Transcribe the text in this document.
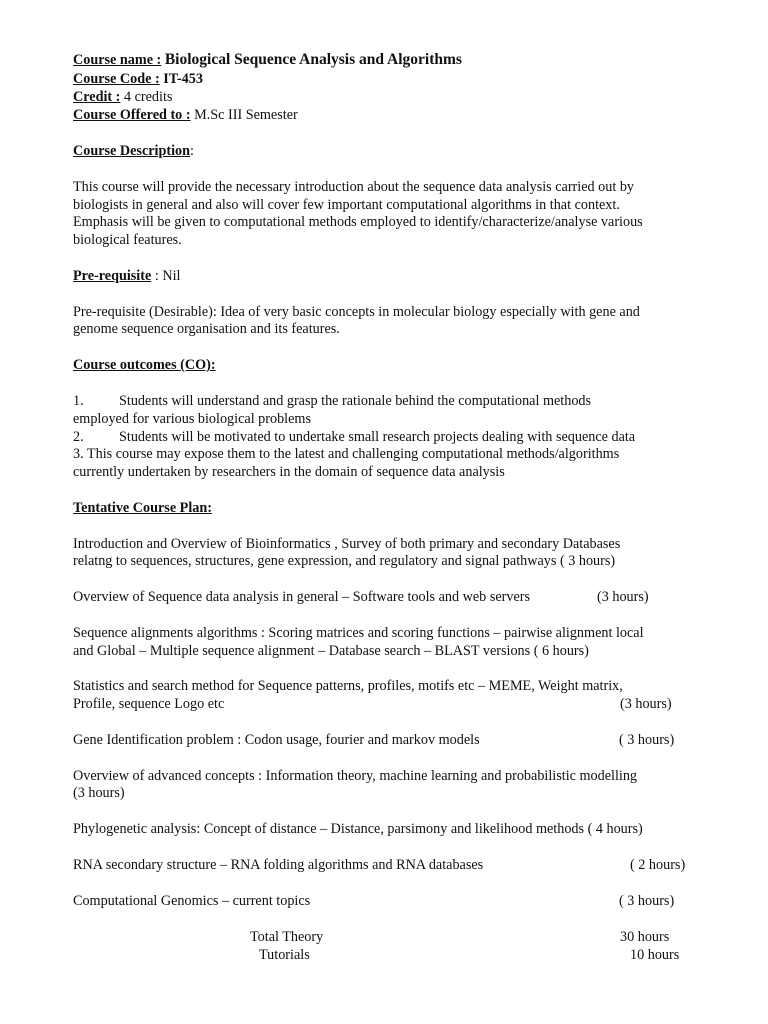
Course name : Biological Sequence Analysis and Algorithms
Course Code : IT-453
Credit : 4 credits
Course Offered to : M.Sc III Semester
Course Description:
This course will provide the necessary introduction about the sequence data analysis carried out by
biologists in general and also will cover few important computational algorithms in that context.
Emphasis will be given to computational methods employed to identify/characterize/analyse various
biological features.
Pre-requisite : Nil
Pre-requisite (Desirable): Idea of very basic concepts in molecular biology especially with gene and
genome sequence organisation and its features.
Course outcomes (CO):
1. Students will understand and grasp the rationale behind the computational methods
employed for various biological problems
2. Students will be motivated to undertake small research projects dealing with sequence data
3. This course may expose them to the latest and challenging computational methods/algorithms
currently undertaken by researchers in the domain of sequence data analysis
Tentative Course Plan:
Introduction and Overview of Bioinformatics , Survey of both primary and secondary Databases
relatng to sequences, structures, gene expression, and regulatory and signal pathways ( 3 hours)
Overview of Sequence data analysis in general – Software tools and web servers	(3 hours)
Sequence alignments algorithms : Scoring matrices and scoring functions – pairwise alignment local
and Global – Multiple sequence alignment – Database search – BLAST versions ( 6 hours)
Statistics and search method for Sequence patterns, profiles, motifs etc – MEME, Weight matrix,
Profile, sequence Logo etc	(3 hours)
Gene Identification problem : Codon usage, fourier and markov models	( 3 hours)
Overview of advanced concepts : Information theory, machine learning and probabilistic modelling
(3 hours)
Phylogenetic analysis: Concept of distance – Distance, parsimony and likelihood methods ( 4 hours)
RNA secondary structure – RNA folding algorithms and RNA databases	( 2 hours)
Computational Genomics – current topics	( 3 hours)
Total Theory	30 hours
Tutorials	10 hours
